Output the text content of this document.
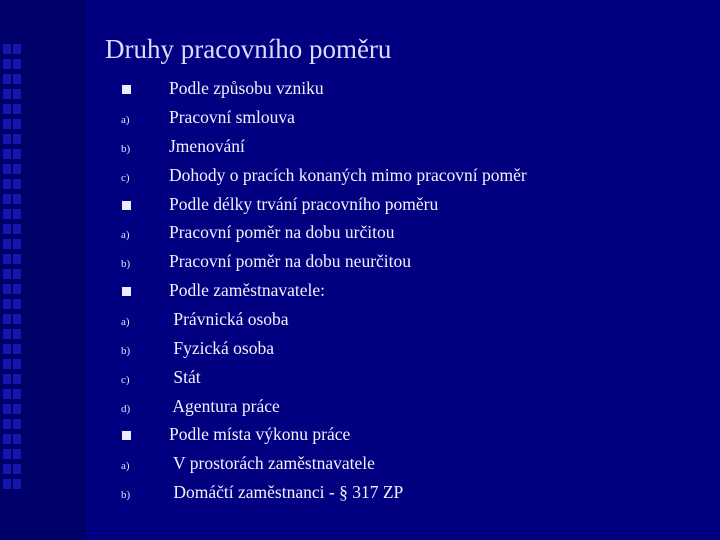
Druhy pracovního poměru
Podle způsobu vzniku
a) Pracovní smlouva
b) Jmenování
c) Dohody o pracích konaných mimo pracovní poměr
Podle délky trvání pracovního poměru
a) Pracovní poměr na dobu určitou
b) Pracovní poměr na dobu neurčitou
Podle zaměstnavatele:
a) Právnická osoba
b) Fyzická osoba
c) Stát
d) Agentura práce
Podle místa výkonu práce
a) V prostorách zaměstnavatele
b) Domáčtí zaměstnanci - § 317 ZP
